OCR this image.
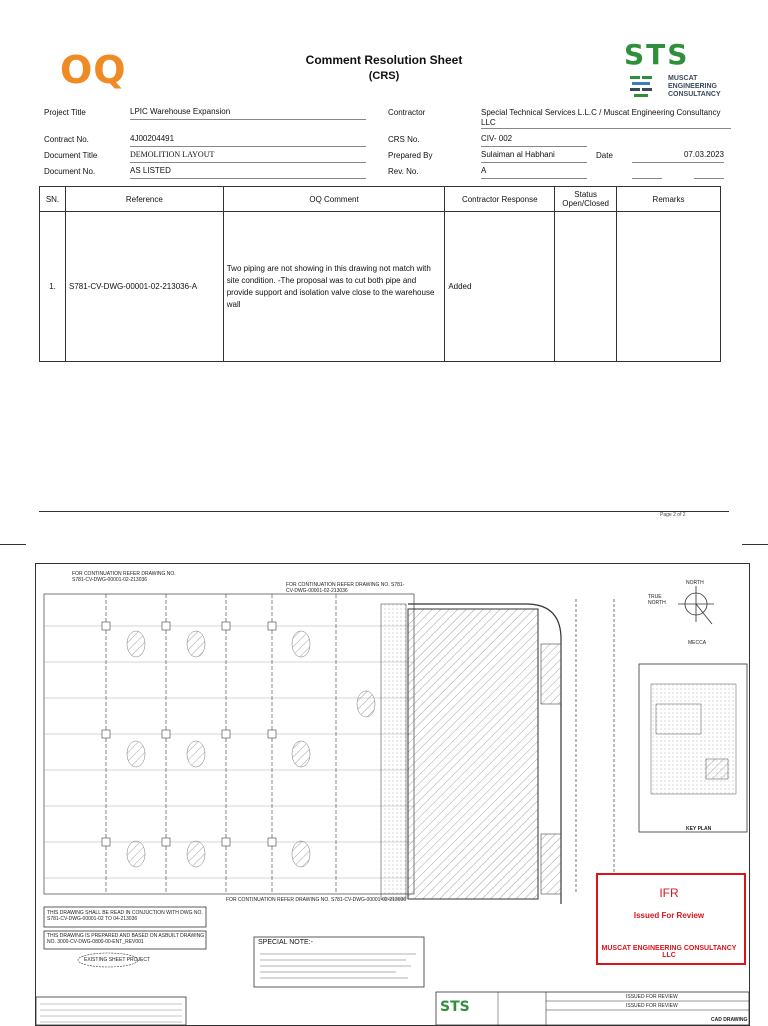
OQ	Comment Resolution Sheet
(CRS)
STS
MUSCAT
ENGINEERING
CONSULTANCY
Project Title	LPIC Warehouse Expansion	Contractor	Special Technical Services L.L.C / Muscat Engineering Consultancy LLC
Contract No.	4J00204491	CRS No.	CIV- 002
Document Title	DEMOLITION LAYOUT	Prepared By	Sulaiman al Habhani	Date	07.03.2023
Document No.	AS LISTED	Rev. No.	A
SN.	Reference	OQ Comment	Contractor Response	Status Open/Closed	Remarks
1.	S781-CV-DWG-00001-02-213036-A	Two piping are not showing in this drawing not match with site condition. -The proposal was to cut both pipe and provide support and isolation valve close to the warehouse wall	Added		
Page 2 of 2
FOR CONTINUATION REFER DRAWING NO. S781-CV-DWG-00001-02-213036
FOR CONTINUATION REFER DRAWING NO. S781-CV-DWG-00001-02-213036
FOR CONTINUATION REFER DRAWING NO. S781-CV-DWG-00001-02-213036
NORTH
TRUE NORTH
MECCA
KEY PLAN
THIS DRAWING SHALL BE READ IN CONJUCTION WITH DWG NO. S781-CV-DWG-00001-02 TO 04-213036
THIS DRAWING IS PREPARED AND BASED ON ASBUILT DRAWING NO. 3000-CV-DWG-0800-00-ENT_REV001
EXISTING SHEET PROJECT
SPECIAL NOTE:-
STS
ISSUED FOR REVIEW
ISSUED FOR REVIEW
CAD DRAWING
IFR
Issued For Review
MUSCAT ENGINEERING CONSULTANCY LLC
